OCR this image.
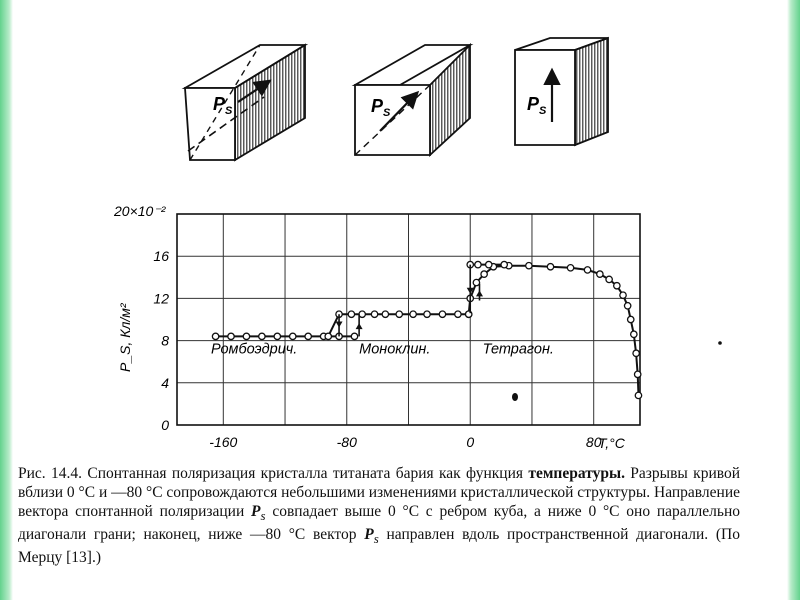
$P_S$	$P_S$	$P_S$
-160	-80	0	80
0
4
8
12
16
Ромбоэдрич.	Моноклин.	Тетрагон.
20×10⁻²
T,°C
P_S, Кл/м²
Рис. 14.4. Спонтанная поляризация кристалла титаната бария как функция температуры. Разрывы кривой вблизи 0 °С и —80 °С сопровождаются небольшими изменениями кристаллической структуры. Направление вектора спонтанной поляризации $P_s$ совпадает выше 0 °С с ребром куба, а ниже 0 °С оно параллельно диагонали грани; наконец, ниже —80 °С вектор $P_s$ направлен вдоль пространственной диагонали. (По Мерцу [13].)
